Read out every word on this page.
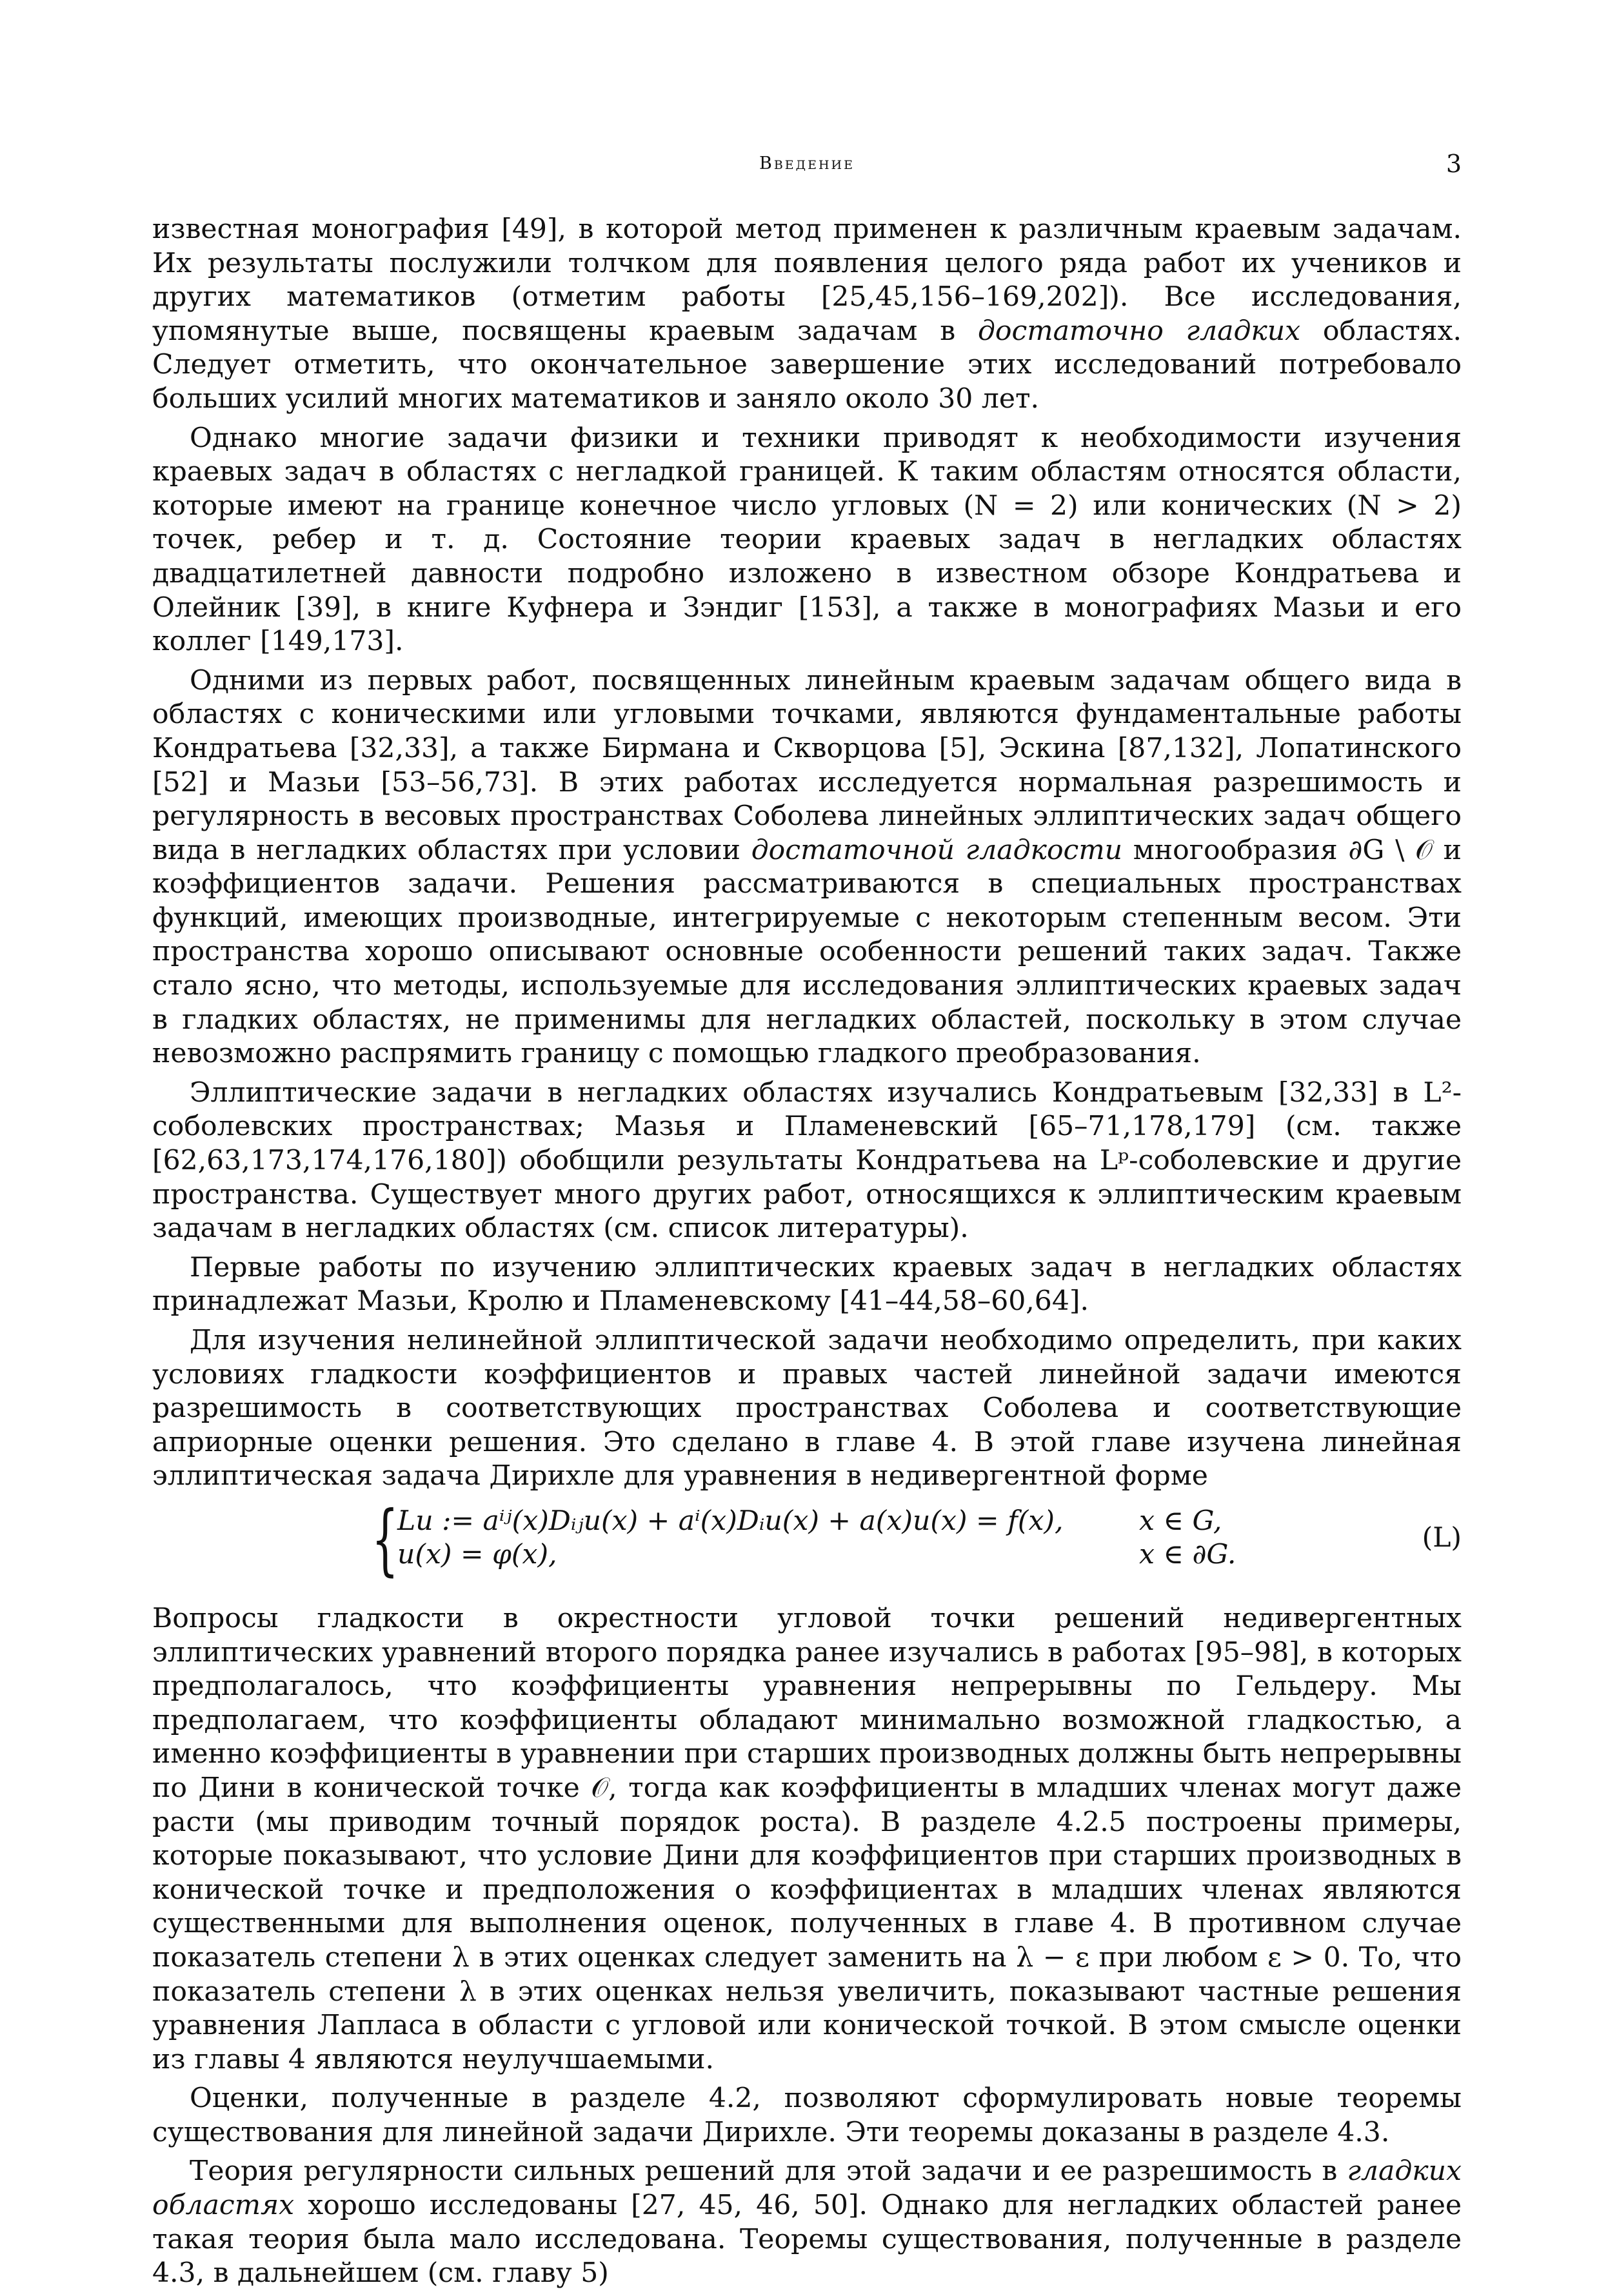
Введение	3

известная монография [49], в которой метод применен к различным краевым задачам. Их результаты послужили толчком для появления целого ряда работ их учеников и других математиков (отметим работы [25,45,156–169,202]). Все исследования, упомянутые выше, посвящены краевым задачам в достаточно гладких областях. Следует отметить, что окончательное завершение этих исследований потребовало больших усилий многих математиков и заняло около 30 лет.

Однако многие задачи физики и техники приводят к необходимости изучения краевых задач в областях с негладкой границей. К таким областям относятся области, которые имеют на границе конечное число угловых (N = 2) или конических (N > 2) точек, ребер и т. д. Состояние теории краевых задач в негладких областях двадцатилетней давности подробно изложено в известном обзоре Кондратьева и Олейник [39], в книге Куфнера и Зэндиг [153], а также в монографиях Мазьи и его коллег [149,173].

Одними из первых работ, посвященных линейным краевым задачам общего вида в областях с коническими или угловыми точками, являются фундаментальные работы Кондратьева [32,33], а также Бирмана и Скворцова [5], Эскина [87,132], Лопатинского [52] и Мазьи [53–56,73]. В этих работах исследуется нормальная разрешимость и регулярность в весовых пространствах Соболева линейных эллиптических задач общего вида в негладких областях при условии достаточной гладкости многообразия ∂G \ 𝒪 и коэффициентов задачи. Решения рассматриваются в специальных пространствах функций, имеющих производные, интегрируемые с некоторым степенным весом. Эти пространства хорошо описывают основные особенности решений таких задач. Также стало ясно, что методы, используемые для исследования эллиптических краевых задач в гладких областях, не применимы для негладких областей, поскольку в этом случае невозможно распрямить границу с помощью гладкого преобразования.

Эллиптические задачи в негладких областях изучались Кондратьевым [32,33] в L²-соболевских пространствах; Мазья и Пламеневский [65–71,178,179] (см. также [62,63,173,174,176,180]) обобщили результаты Кондратьева на Lᵖ-соболевские и другие пространства. Существует много других работ, относящихся к эллиптическим краевым задачам в негладких областях (см. список литературы).

Первые работы по изучению эллиптических краевых задач в негладких областях принадлежат Мазьи, Кролю и Пламеневскому [41–44,58–60,64].

Для изучения нелинейной эллиптической задачи необходимо определить, при каких условиях гладкости коэффициентов и правых частей линейной задачи имеются разрешимость в соответствующих пространствах Соболева и соответствующие априорные оценки решения. Это сделано в главе 4. В этой главе изучена линейная эллиптическая задача Дирихле для уравнения в недивергентной форме

{
Lu := aⁱʲ(x)Dᵢⱼu(x) + aⁱ(x)Dᵢu(x) + a(x)u(x) = f(x),	x ∈ G,
u(x) = φ(x),	x ∈ ∂G.
(L)

Вопросы гладкости в окрестности угловой точки решений недивергентных эллиптических уравнений второго порядка ранее изучались в работах [95–98], в которых предполагалось, что коэффициенты уравнения непрерывны по Гельдеру. Мы предполагаем, что коэффициенты обладают минимально возможной гладкостью, а именно коэффициенты в уравнении при старших производных должны быть непрерывны по Дини в конической точке 𝒪, тогда как коэффициенты в младших членах могут даже расти (мы приводим точный порядок роста). В разделе 4.2.5 построены примеры, которые показывают, что условие Дини для коэффициентов при старших производных в конической точке и предположения о коэффициентах в младших членах являются существенными для выполнения оценок, полученных в главе 4. В противном случае показатель степени λ в этих оценках следует заменить на λ − ε при любом ε > 0. То, что показатель степени λ в этих оценках нельзя увеличить, показывают частные решения уравнения Лапласа в области с угловой или конической точкой. В этом смысле оценки из главы 4 являются неулучшаемыми.

Оценки, полученные в разделе 4.2, позволяют сформулировать новые теоремы существования для линейной задачи Дирихле. Эти теоремы доказаны в разделе 4.3.

Теория регулярности сильных решений для этой задачи и ее разрешимость в гладких областях хорошо исследованы [27, 45, 46, 50]. Однако для негладких областей ранее такая теория была мало исследована. Теоремы существования, полученные в разделе 4.3, в дальнейшем (см. главу 5)
